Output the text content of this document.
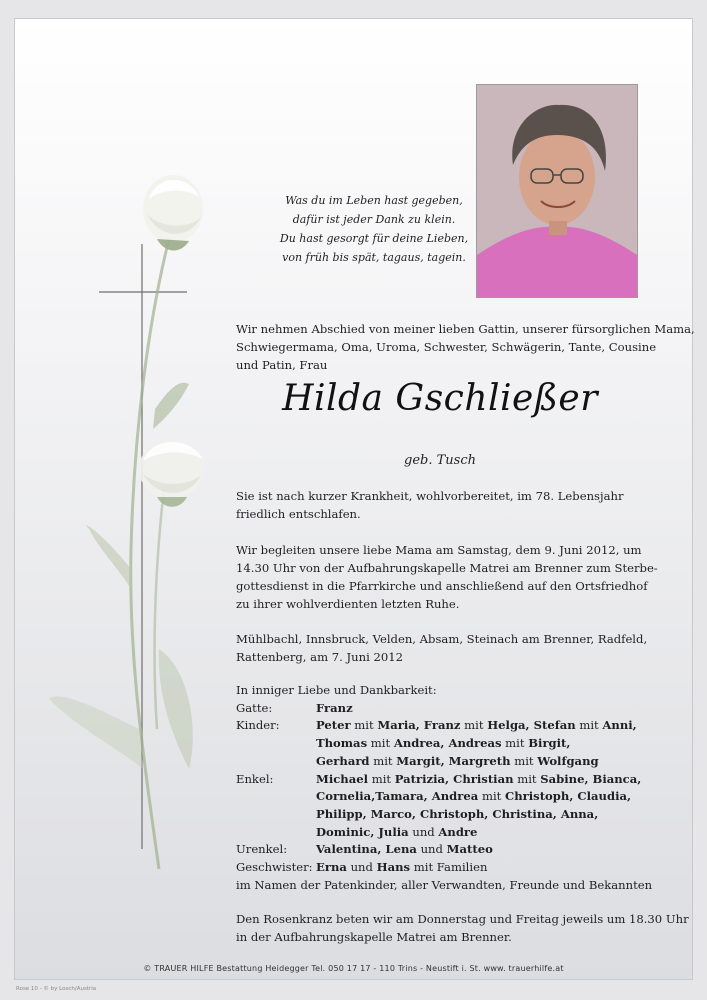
Was du im Leben hast gegeben,
dafür ist jeder Dank zu klein.
Du hast gesorgt für deine Lieben,
von früh bis spät, tagaus, tagein.
Wir nehmen Abschied von meiner lieben Gattin, unserer fürsorglichen Mama,
Schwiegermama, Oma, Uroma, Schwester, Schwägerin, Tante, Cousine
und Patin, Frau
Hilda Gschließer
geb. Tusch
Sie ist nach kurzer Krankheit, wohlvorbereitet, im 78. Lebensjahr
friedlich entschlafen.
Wir begleiten unsere liebe Mama am Samstag, dem 9. Juni 2012, um
14.30 Uhr von der Aufbahrungskapelle Matrei am Brenner zum Sterbe-
gottesdienst in die Pfarrkirche und anschließend auf den Ortsfriedhof
zu ihrer wohlverdienten letzten Ruhe.
Mühlbachl, Innsbruck, Velden, Absam, Steinach am Brenner, Radfeld,
Rattenberg, am 7. Juni 2012
In inniger Liebe und Dankbarkeit:
Gatte:	Franz
Kinder:	Peter mit Maria, Franz mit Helga, Stefan mit Anni,
Thomas mit Andrea, Andreas mit Birgit,
Gerhard mit Margit, Margreth mit Wolfgang
Enkel:	Michael mit Patrizia, Christian mit Sabine, Bianca,
Cornelia,Tamara, Andrea mit Christoph, Claudia,
Philipp, Marco, Christoph, Christina, Anna,
Dominic, Julia und Andre
Urenkel:	Valentina, Lena und Matteo
Geschwister: Erna und Hans mit Familien
im Namen der Patenkinder, aller Verwandten, Freunde und Bekannten
Den Rosenkranz beten wir am Donnerstag und Freitag jeweils um 18.30 Uhr
in der Aufbahrungskapelle Matrei am Brenner.
© TRAUER HILFE Bestattung Heidegger Tel. 050 17 17 - 110 Trins - Neustift i. St. www. trauerhilfe.at
Rose 10 - © by Losch/Austria
